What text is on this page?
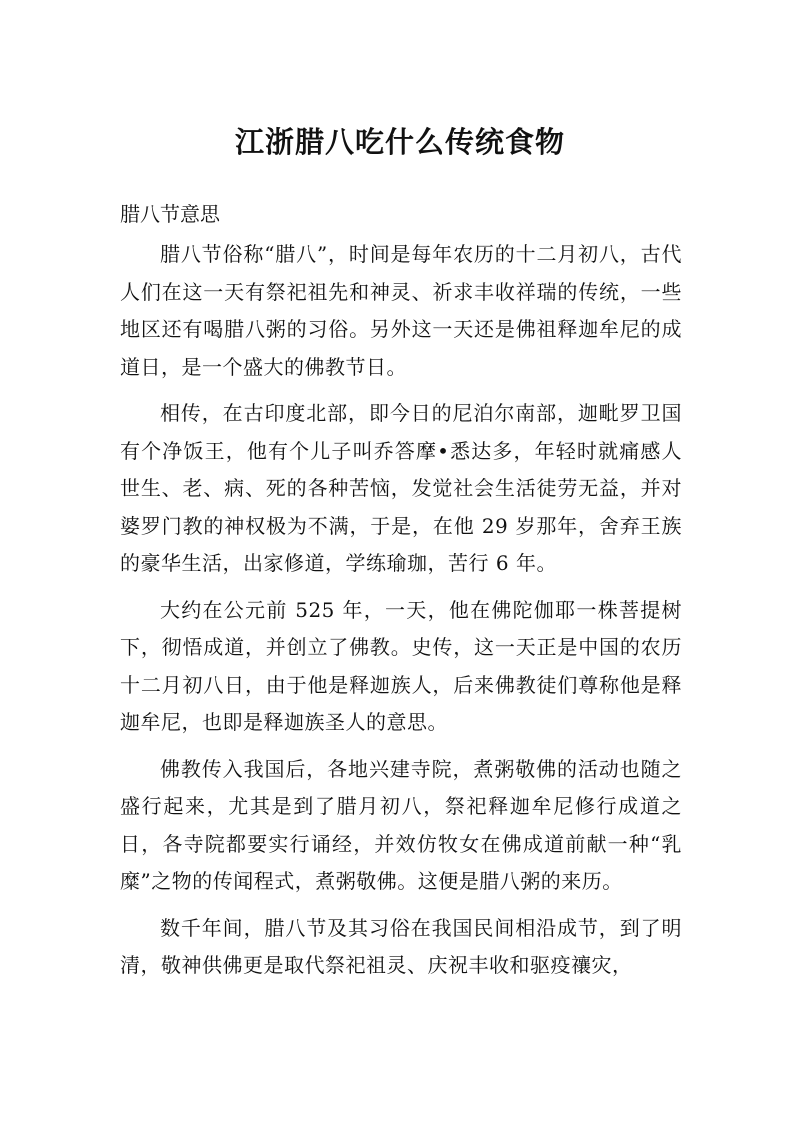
江浙腊八吃什么传统食物
腊八节意思

腊八节俗称“腊八”，时间是每年农历的十二月初八，古代人们在这一天有祭祀祖先和神灵、祈求丰收祥瑞的传统，一些地区还有喝腊八粥的习俗。另外这一天还是佛祖释迦牟尼的成道日，是一个盛大的佛教节日。

相传，在古印度北部，即今日的尼泊尔南部，迦毗罗卫国有个净饭王，他有个儿子叫乔答摩•悉达多，年轻时就痛感人世生、老、病、死的各种苦恼，发觉社会生活徒劳无益，并对婆罗门教的神权极为不满，于是，在他 29 岁那年，舍弃王族的豪华生活，出家修道，学练瑜珈，苦行 6 年。

大约在公元前 525 年，一天，他在佛陀伽耶一株菩提树下，彻悟成道，并创立了佛教。史传，这一天正是中国的农历十二月初八日，由于他是释迦族人，后来佛教徒们尊称他是释迦牟尼，也即是释迦族圣人的意思。

佛教传入我国后，各地兴建寺院，煮粥敬佛的活动也随之盛行起来，尤其是到了腊月初八，祭祀释迦牟尼修行成道之日，各寺院都要实行诵经，并效仿牧女在佛成道前献一种“乳糜”之物的传闻程式，煮粥敬佛。这便是腊八粥的来历。

数千年间，腊八节及其习俗在我国民间相沿成节，到了明清，敬神供佛更是取代祭祀祖灵、庆祝丰收和驱疫禳灾，
